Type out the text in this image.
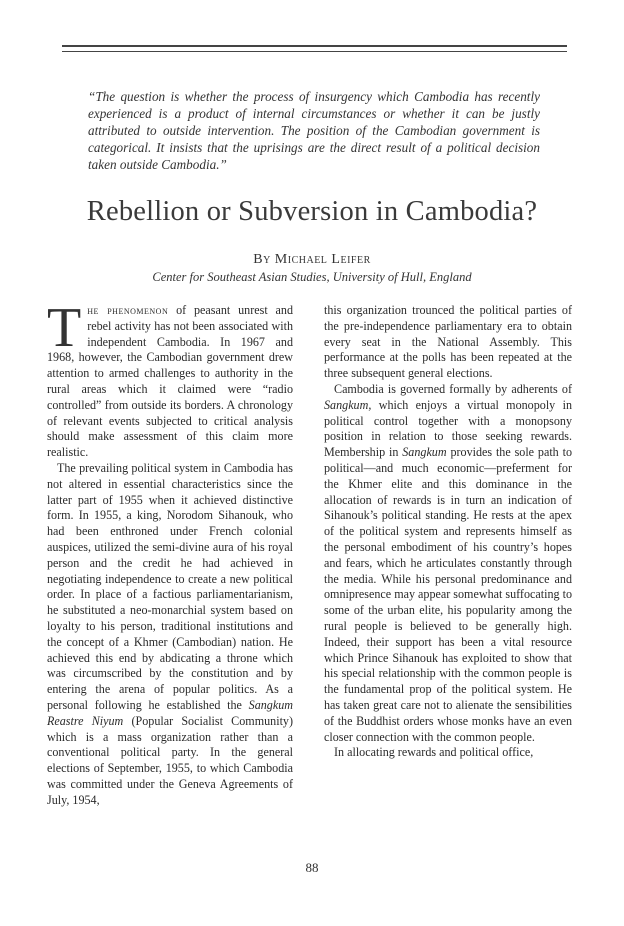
“The question is whether the process of insurgency which Cambodia has recently experienced is a product of internal circumstances or whether it can be justly attributed to outside intervention. The position of the Cambodian government is categorical. It insists that the uprisings are the direct result of a political decision taken outside Cambodia.”
Rebellion or Subversion in Cambodia?
By Michael Leifer
Center for Southeast Asian Studies, University of Hull, England

The phenomenon of peasant unrest and rebel activity has not been associated with independent Cambodia. In 1967 and 1968, however, the Cambodian government drew attention to armed challenges to authority in the rural areas which it claimed were “radio controlled” from outside its borders. A chronology of relevant events subjected to critical analysis should make assessment of this claim more realistic.

The prevailing political system in Cambodia has not altered in essential characteristics since the latter part of 1955 when it achieved distinctive form. In 1955, a king, Norodom Sihanouk, who had been enthroned under French colonial auspices, utilized the semi-divine aura of his royal person and the credit he had achieved in negotiating independence to create a new political order. In place of a factious parliamentarianism, he substituted a neo-monarchial system based on loyalty to his person, traditional institutions and the concept of a Khmer (Cambodian) nation. He achieved this end by abdicating a throne which was circumscribed by the constitution and by entering the arena of popular politics. As a personal following he established the Sangkum Reastre Niyum (Popular Socialist Community) which is a mass organization rather than a conventional political party. In the general elections of September, 1955, to which Cambodia was committed under the Geneva Agreements of July, 1954,

this organization trounced the political parties of the pre-independence parliamentary era to obtain every seat in the National Assembly. This performance at the polls has been repeated at the three subsequent general elections.

Cambodia is governed formally by adherents of Sangkum, which enjoys a virtual monopoly in political control together with a monopsony position in relation to those seeking rewards. Membership in Sangkum provides the sole path to political—and much economic—preferment for the Khmer elite and this dominance in the allocation of rewards is in turn an indication of Sihanouk’s political standing. He rests at the apex of the political system and represents himself as the personal embodiment of his country’s hopes and fears, which he articulates constantly through the media. While his personal predominance and omnipresence may appear somewhat suffocating to some of the urban elite, his popularity among the rural people is believed to be generally high. Indeed, their support has been a vital resource which Prince Sihanouk has exploited to show that his special relationship with the common people is the fundamental prop of the political system. He has taken great care not to alienate the sensibilities of the Buddhist orders whose monks have an even closer connection with the common people.

In allocating rewards and political office,

88
